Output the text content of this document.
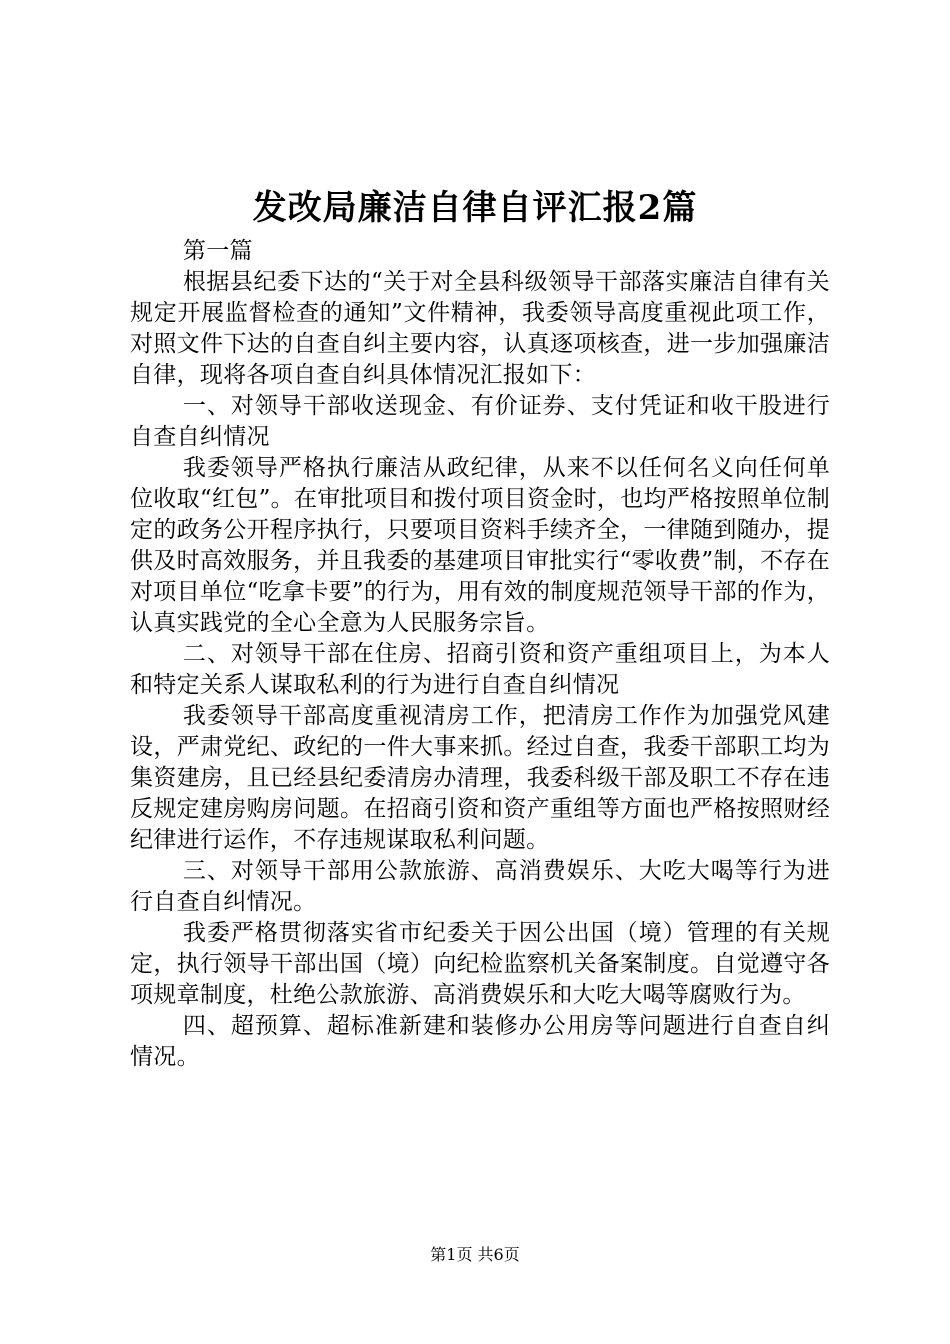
发改局廉洁自律自评汇报2篇

第一篇

根据县纪委下达的“关于对全县科级领导干部落实廉洁自律有关规定开展监督检查的通知”文件精神，我委领导高度重视此项工作，对照文件下达的自查自纠主要内容，认真逐项核查，进一步加强廉洁自律，现将各项自查自纠具体情况汇报如下：

一、对领导干部收送现金、有价证券、支付凭证和收干股进行自查自纠情况

我委领导严格执行廉洁从政纪律，从来不以任何名义向任何单位收取“红包”。在审批项目和拨付项目资金时，也均严格按照单位制定的政务公开程序执行，只要项目资料手续齐全，一律随到随办，提供及时高效服务，并且我委的基建项目审批实行“零收费”制，不存在对项目单位“吃拿卡要”的行为，用有效的制度规范领导干部的作为，认真实践党的全心全意为人民服务宗旨。

二、对领导干部在住房、招商引资和资产重组项目上，为本人和特定关系人谋取私利的行为进行自查自纠情况

我委领导干部高度重视清房工作，把清房工作作为加强党风建设，严肃党纪、政纪的一件大事来抓。经过自查，我委干部职工均为集资建房，且已经县纪委清房办清理，我委科级干部及职工不存在违反规定建房购房问题。在招商引资和资产重组等方面也严格按照财经纪律进行运作，不存违规谋取私利问题。

三、对领导干部用公款旅游、高消费娱乐、大吃大喝等行为进行自查自纠情况。

我委严格贯彻落实省市纪委关于因公出国（境）管理的有关规定，执行领导干部出国（境）向纪检监察机关备案制度。自觉遵守各项规章制度，杜绝公款旅游、高消费娱乐和大吃大喝等腐败行为。

四、超预算、超标准新建和装修办公用房等问题进行自查自纠情况。

第1页 共6页
